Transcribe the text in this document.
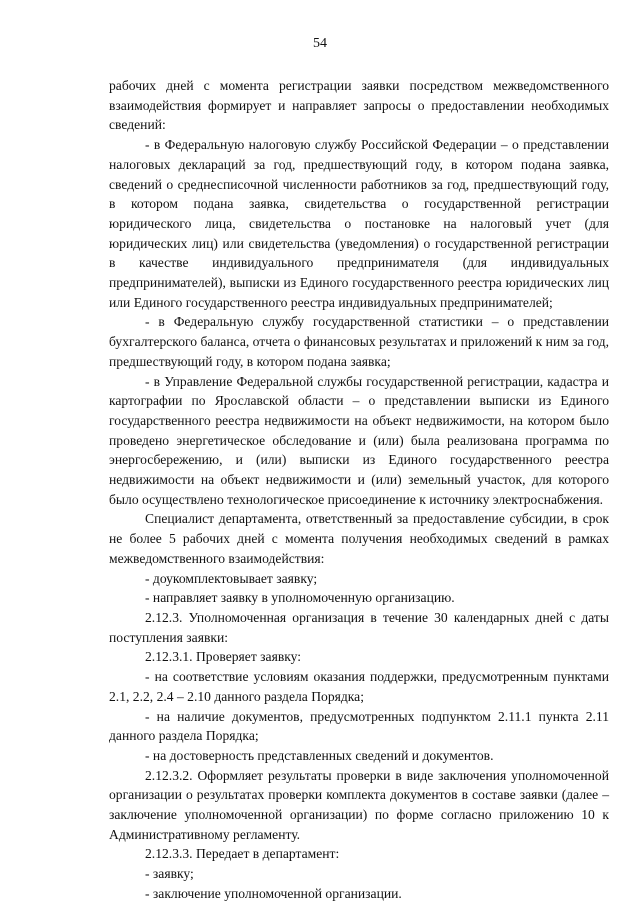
54

рабочих дней с момента регистрации заявки посредством межведомственного взаимодействия формирует и направляет запросы о предоставлении необходимых сведений:

- в Федеральную налоговую службу Российской Федерации – о представлении налоговых деклараций за год, предшествующий году, в котором подана заявка, сведений о среднесписочной численности работников за год, предшествующий году, в котором подана заявка, свидетельства о государственной регистрации юридического лица, свидетельства о постановке на налоговый учет (для юридических лиц) или свидетельства (уведомления) о государственной регистрации в качестве индивидуального предпринимателя (для индивидуальных предпринимателей), выписки из Единого государственного реестра юридических лиц или Единого государственного реестра индивидуальных предпринимателей;

- в Федеральную службу государственной статистики – о представлении бухгалтерского баланса, отчета о финансовых результатах и приложений к ним за год, предшествующий году, в котором подана заявка;

- в Управление Федеральной службы государственной регистрации, кадастра и картографии по Ярославской области – о представлении выписки из Единого государственного реестра недвижимости на объект недвижимости, на котором было проведено энергетическое обследование и (или) была реализована программа по энергосбережению, и (или) выписки из Единого государственного реестра недвижимости на объект недвижимости и (или) земельный участок, для которого было осуществлено технологическое присоединение к источнику электроснабжения.

Специалист департамента, ответственный за предоставление субсидии, в срок не более 5 рабочих дней с момента получения необходимых сведений в рамках межведомственного взаимодействия:

- доукомплектовывает заявку;

- направляет заявку в уполномоченную организацию.

2.12.3. Уполномоченная организация в течение 30 календарных дней с даты поступления заявки:

2.12.3.1. Проверяет заявку:

- на соответствие условиям оказания поддержки, предусмотренным пунктами 2.1, 2.2, 2.4 – 2.10 данного раздела Порядка;

- на наличие документов, предусмотренных подпунктом 2.11.1 пункта 2.11 данного раздела Порядка;

- на достоверность представленных сведений и документов.

2.12.3.2. Оформляет результаты проверки в виде заключения уполномоченной организации о результатах проверки комплекта документов в составе заявки (далее – заключение уполномоченной организации) по форме согласно приложению 10 к Административному регламенту.

2.12.3.3. Передает в департамент:

- заявку;

- заключение уполномоченной организации.
